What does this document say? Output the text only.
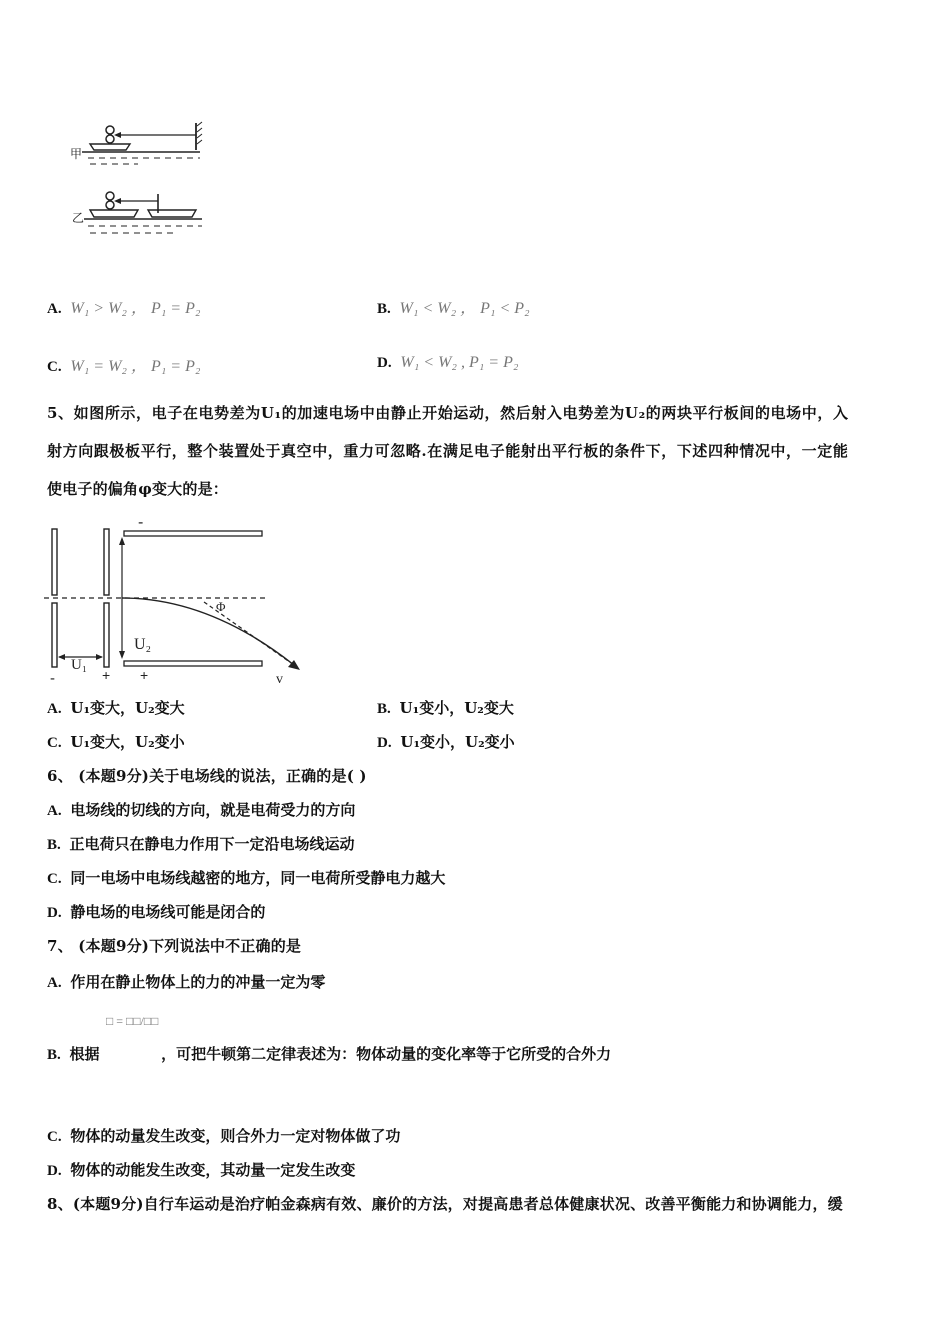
甲
乙
A. W₁ > W₂ ， P₁ = P₂	B. W₁ < W₂ ， P₁ < P₂
C. W₁ = W₂ ， P₁ = P₂	D. W₁ < W₂ , P₁ = P₂
5、如图所示，电子在电势差为U₁的加速电场中由静止开始运动，然后射入电势差为U₂的两块平行板间的电场中，入
射方向跟极板平行，整个装置处于真空中，重力可忽略.在满足电子能射出平行板的条件下，下述四种情况中，一定能
使电子的偏角φ变大的是：
-
Φ
U₂
U₁
-	+ +	v
A. U₁变大，U₂变大	B. U₁变小，U₂变大
C. U₁变大，U₂变小	D. U₁变小，U₂变小
6、 (本题9分)关于电场线的说法，正确的是( )
A. 电场线的切线的方向，就是电荷受力的方向
B. 正电荷只在静电力作用下一定沿电场线运动
C. 同一电场中电场线越密的地方，同一电荷所受静电力越大
D. 静电场的电场线可能是闭合的
7、 (本题9分)下列说法中不正确的是
A. 作用在静止物体上的力的冲量一定为零
□ = □□/□□
B. 根据	，可把牛顿第二定律表述为：物体动量的变化率等于它所受的合外力
C. 物体的动量发生改变，则合外力一定对物体做了功
D. 物体的动能发生改变，其动量一定发生改变
8、(本题9分)自行车运动是治疗帕金森病有效、廉价的方法，对提高患者总体健康状况、改善平衡能力和协调能力，缓
